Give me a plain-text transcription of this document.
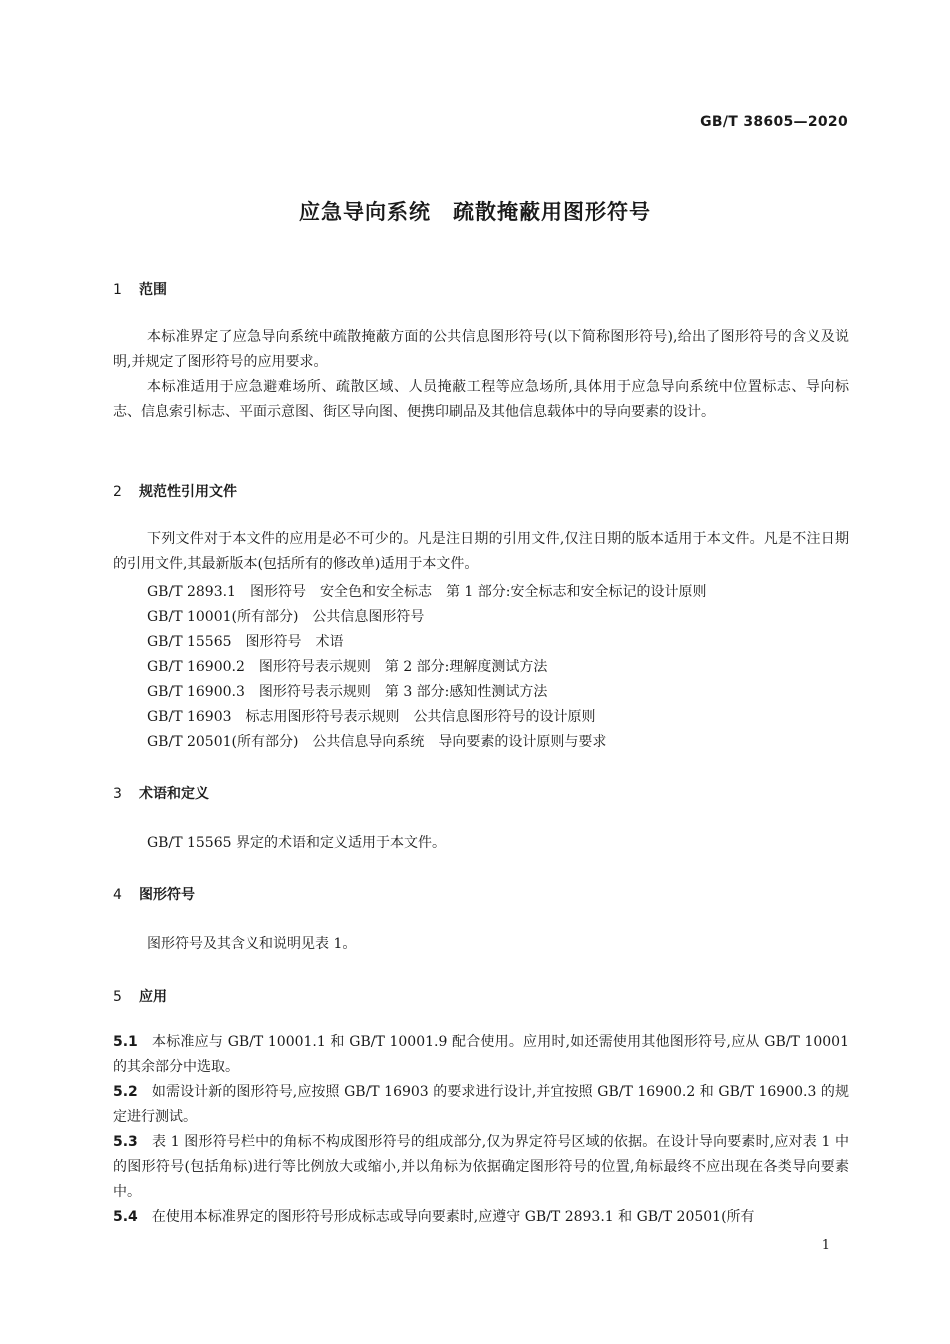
GB/T 38605—2020
应急导向系统　疏散掩蔽用图形符号
1 范围
本标准界定了应急导向系统中疏散掩蔽方面的公共信息图形符号(以下简称图形符号),给出了图形符号的含义及说明,并规定了图形符号的应用要求。
本标准适用于应急避难场所、疏散区域、人员掩蔽工程等应急场所,具体用于应急导向系统中位置标志、导向标志、信息索引标志、平面示意图、街区导向图、便携印刷品及其他信息载体中的导向要素的设计。
2 规范性引用文件
下列文件对于本文件的应用是必不可少的。凡是注日期的引用文件,仅注日期的版本适用于本文件。凡是不注日期的引用文件,其最新版本(包括所有的修改单)适用于本文件。
GB/T 2893.1　图形符号　安全色和安全标志　第 1 部分:安全标志和安全标记的设计原则
GB/T 10001(所有部分)　公共信息图形符号
GB/T 15565　图形符号　术语
GB/T 16900.2　图形符号表示规则　第 2 部分:理解度测试方法
GB/T 16900.3　图形符号表示规则　第 3 部分:感知性测试方法
GB/T 16903　标志用图形符号表示规则　公共信息图形符号的设计原则
GB/T 20501(所有部分)　公共信息导向系统　导向要素的设计原则与要求
3 术语和定义
GB/T 15565 界定的术语和定义适用于本文件。
4 图形符号
图形符号及其含义和说明见表 1。
5 应用
5.1 本标准应与 GB/T 10001.1 和 GB/T 10001.9 配合使用。应用时,如还需使用其他图形符号,应从 GB/T 10001 的其余部分中选取。
5.2 如需设计新的图形符号,应按照 GB/T 16903 的要求进行设计,并宜按照 GB/T 16900.2 和 GB/T 16900.3 的规定进行测试。
5.3 表 1 图形符号栏中的角标不构成图形符号的组成部分,仅为界定符号区域的依据。在设计导向要素时,应对表 1 中的图形符号(包括角标)进行等比例放大或缩小,并以角标为依据确定图形符号的位置,角标最终不应出现在各类导向要素中。
5.4 在使用本标准界定的图形符号形成标志或导向要素时,应遵守 GB/T 2893.1 和 GB/T 20501(所有
1
